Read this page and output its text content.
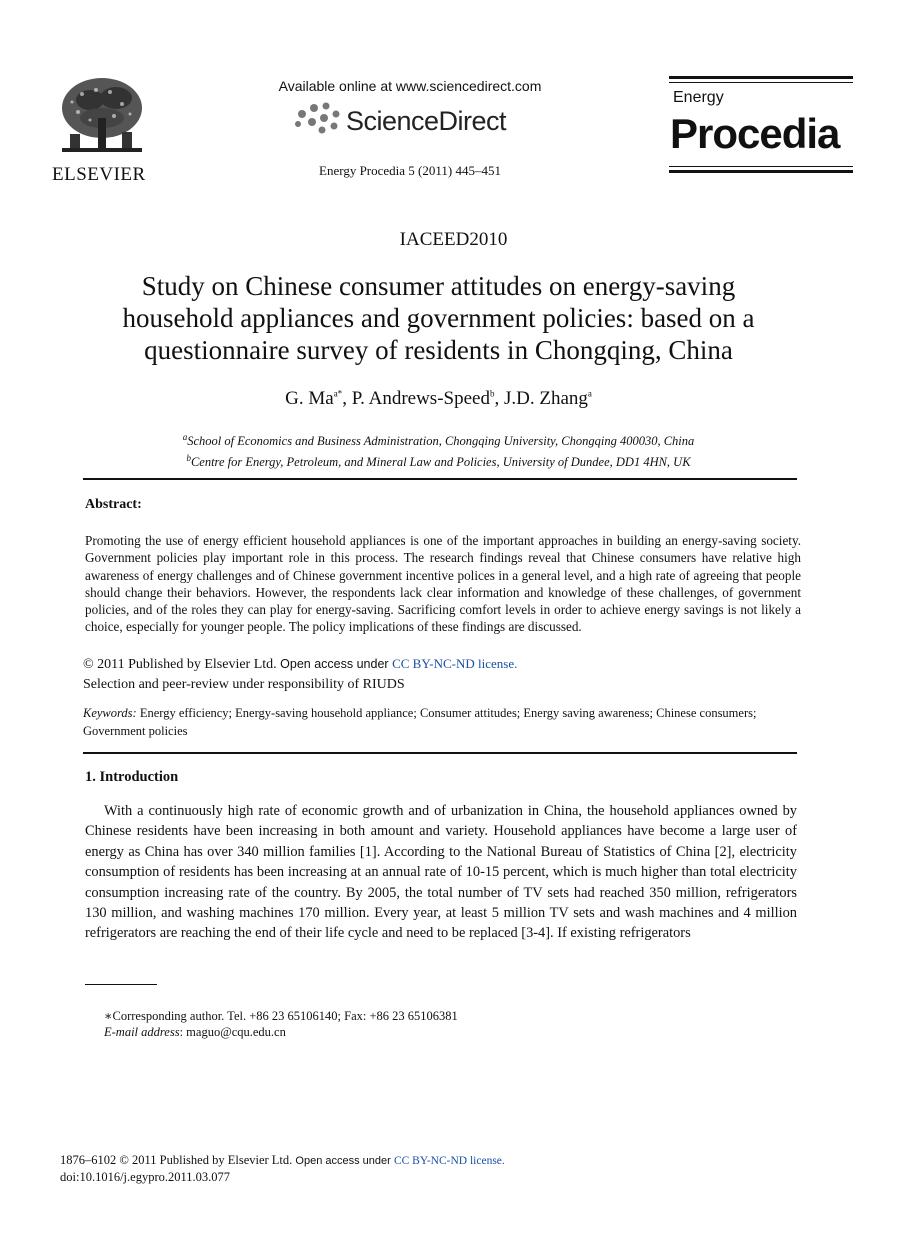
ELSEVIER
Available online at www.sciencedirect.com
ScienceDirect
Energy Procedia 5 (2011) 445–451
Energy
Procedia
IACEED2010
Study on Chinese consumer attitudes on energy-saving
household appliances and government policies: based on a
questionnaire survey of residents in Chongqing, China
G. $Ma^{a*}$, P. Andrews-Speed$^b$, J.D. Zhang$^a$
$^a$School of Economics and Business Administration, Chongqing University, Chongqing 400030, China
$^b$Centre for Energy, Petroleum, and Mineral Law and Policies, University of Dundee, DD1 4HN, UK
Abstract:
Promoting the use of energy efficient household appliances is one of the important approaches in building an energy-saving society. Government policies play important role in this process. The research findings reveal that Chinese consumers have relative high awareness of energy challenges and of Chinese government incentive polices in a general level, and a high rate of agreeing that people should change their behaviors. However, the respondents lack clear information and knowledge of these challenges, of government policies, and of the roles they can play for energy-saving. Sacrificing comfort levels in order to achieve energy savings is not likely a choice, especially for younger people. The policy implications of these findings are discussed.
© 2011 Published by Elsevier Ltd. Open access under CC BY-NC-ND license.
Selection and peer-review under responsibility of RIUDS
Keywords: Energy efficiency; Energy-saving household appliance; Consumer attitudes; Energy saving awareness; Chinese consumers; Government policies
1. Introduction
With a continuously high rate of economic growth and of urbanization in China, the household appliances owned by Chinese residents have been increasing in both amount and variety. Household appliances have become a large user of energy as China has over 340 million families [1]. According to the National Bureau of Statistics of China [2], electricity consumption of residents has been increasing at an annual rate of 10-15 percent, which is much higher than total electricity consumption increasing rate of the country. By 2005, the total number of TV sets had reached 350 million, refrigerators 130 million, and washing machines 170 million. Every year, at least 5 million TV sets and wash machines and 4 million refrigerators are reaching the end of their life cycle and need to be replaced [3-4]. If existing refrigerators
∗Corresponding author. Tel. +86 23 65106140; Fax: +86 23 65106381
E-mail address: maguo@cqu.edu.cn
1876–6102 © 2011 Published by Elsevier Ltd. Open access under CC BY-NC-ND license.
doi:10.1016/j.egypro.2011.03.077
